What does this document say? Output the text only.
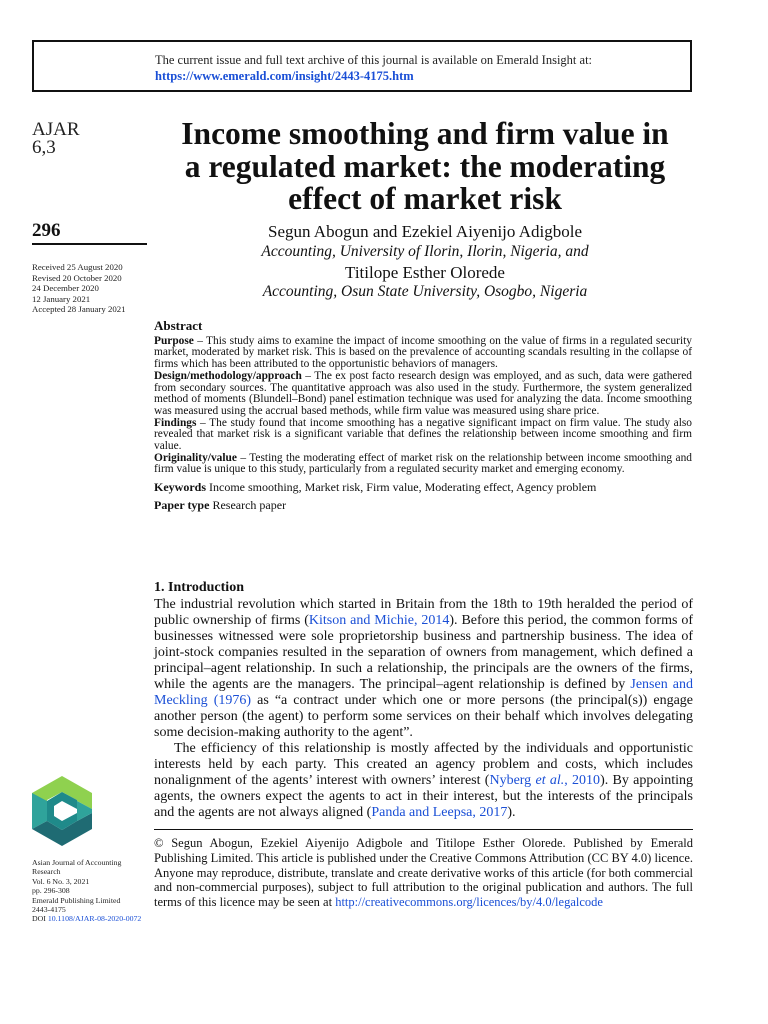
The current issue and full text archive of this journal is available on Emerald Insight at:
https://www.emerald.com/insight/2443-4175.htm
AJAR
6,3
296
Received 25 August 2020
Revised 20 October 2020
24 December 2020
12 January 2021
Accepted 28 January 2021
Asian Journal of Accounting Research
Vol. 6 No. 3, 2021
pp. 296-308
Emerald Publishing Limited
2443-4175
DOI 10.1108/AJAR-08-2020-0072
Income smoothing and firm value in
a regulated market: the moderating
effect of market risk
Segun Abogun and Ezekiel Aiyenijo Adigbole
Accounting, University of Ilorin, Ilorin, Nigeria, and
Titilope Esther Olorede
Accounting, Osun State University, Osogbo, Nigeria
Abstract

Purpose – This study aims to examine the impact of income smoothing on the value of firms in a regulated security market, moderated by market risk. This is based on the prevalence of accounting scandals resulting in the collapse of firms which has been attributed to the opportunistic behaviors of managers.

Design/methodology/approach – The ex post facto research design was employed, and as such, data were gathered from secondary sources. The quantitative approach was also used in the study. Furthermore, the system generalized method of moments (Blundell–Bond) panel estimation technique was used for analyzing the data. Income smoothing was measured using the accrual based methods, while firm value was measured using share price.

Findings – The study found that income smoothing has a negative significant impact on firm value. The study also revealed that market risk is a significant variable that defines the relationship between income smoothing and firm value.

Originality/value – Testing the moderating effect of market risk on the relationship between income smoothing and firm value is unique to this study, particularly from a regulated security market and emerging economy.

Keywords Income smoothing, Market risk, Firm value, Moderating effect, Agency problem

Paper type Research paper

1. Introduction

The industrial revolution which started in Britain from the 18th to 19th heralded the period of public ownership of firms (Kitson and Michie, 2014). Before this period, the common forms of businesses witnessed were sole proprietorship business and partnership business. The idea of joint-stock companies resulted in the separation of owners from management, which defined a principal–agent relationship. In such a relationship, the principals are the owners of the firms, while the agents are the managers. The principal–agent relationship is defined by Jensen and Meckling (1976) as “a contract under which one or more persons (the principal(s)) engage another person (the agent) to perform some services on their behalf which involves delegating some decision-making authority to the agent”.

The efficiency of this relationship is mostly affected by the individuals and opportunistic interests held by each party. This created an agency problem and costs, which includes nonalignment of the agents’ interest with owners’ interest (Nyberg et al., 2010). By appointing agents, the owners expect the agents to act in their interest, but the interests of the principals and the agents are not always aligned (Panda and Leepsa, 2017).

© Segun Abogun, Ezekiel Aiyenijo Adigbole and Titilope Esther Olorede. Published by Emerald Publishing Limited. This article is published under the Creative Commons Attribution (CC BY 4.0) licence. Anyone may reproduce, distribute, translate and create derivative works of this article (for both commercial and non-commercial purposes), subject to full attribution to the original publication and authors. The full terms of this licence may be seen at http://creativecommons.org/licences/by/4.0/legalcode
